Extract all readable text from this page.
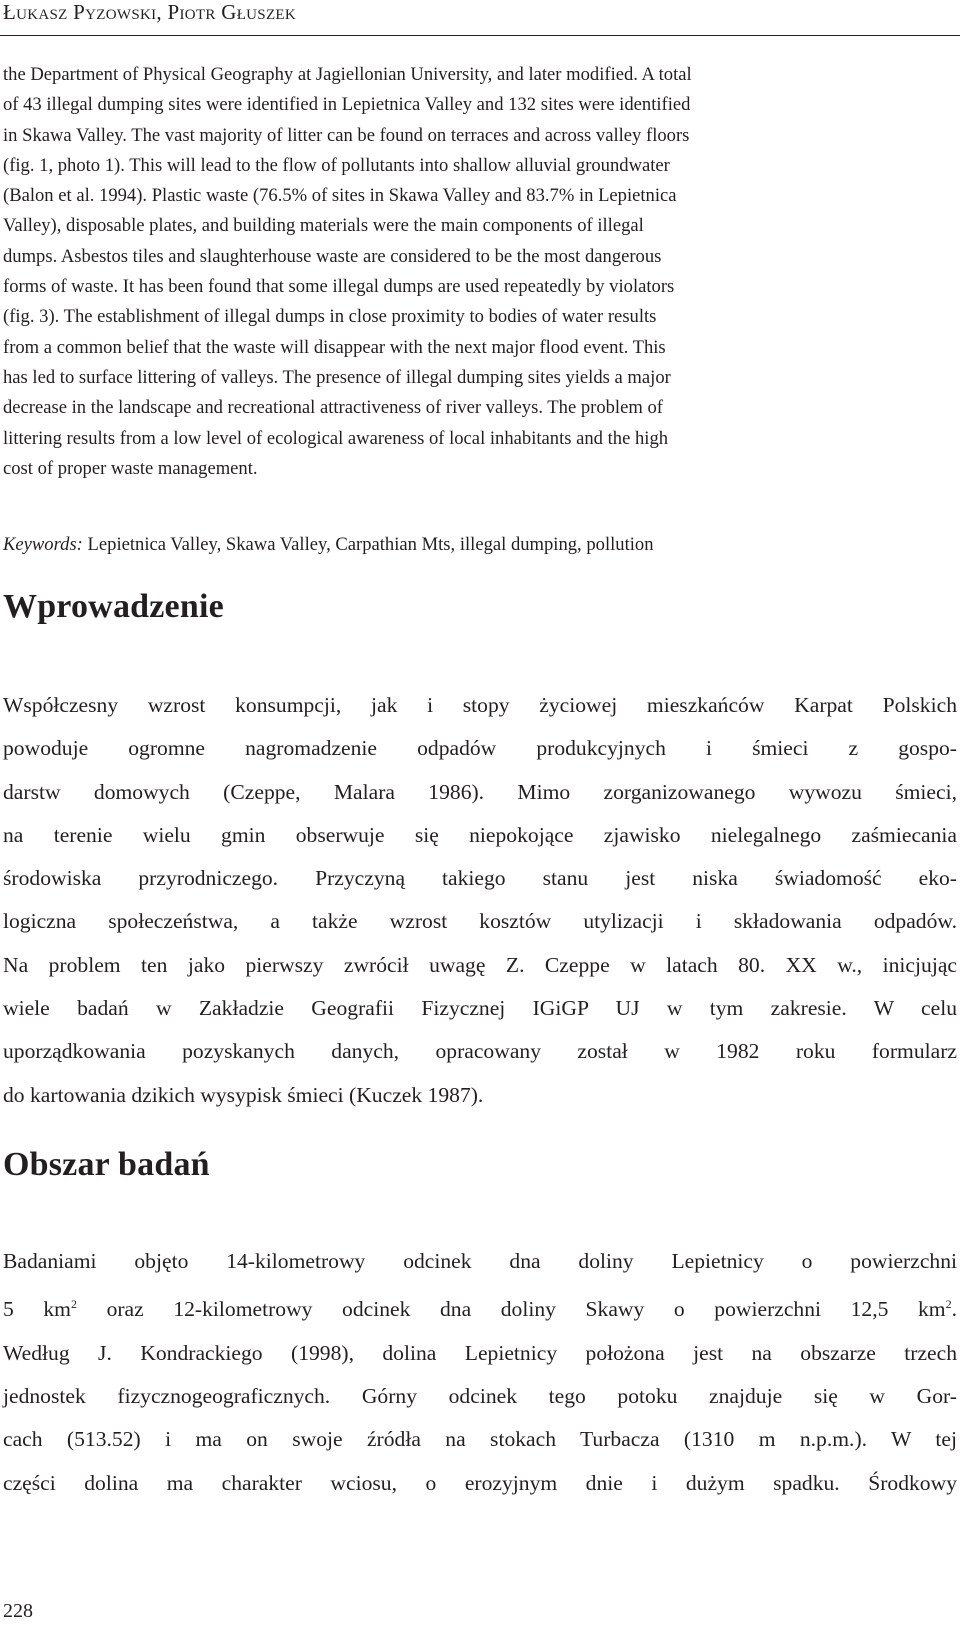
Łukasz Pyzowski, Piotr Głuszek
the Department of Physical Geography at Jagiellonian University, and later modified. A total
of 43 illegal dumping sites were identified in Lepietnica Valley and 132 sites were identified
in Skawa Valley. The vast majority of litter can be found on terraces and across valley floors
(fig. 1, photo 1). This will lead to the flow of pollutants into shallow alluvial groundwater
(Balon et al. 1994). Plastic waste (76.5% of sites in Skawa Valley and 83.7% in Lepietnica
Valley), disposable plates, and building materials were the main components of illegal
dumps. Asbestos tiles and slaughterhouse waste are considered to be the most dangerous
forms of waste. It has been found that some illegal dumps are used repeatedly by violators
(fig. 3). The establishment of illegal dumps in close proximity to bodies of water results
from a common belief that the waste will disappear with the next major flood event. This
has led to surface littering of valleys. The presence of illegal dumping sites yields a major
decrease in the landscape and recreational attractiveness of river valleys. The problem of
littering results from a low level of ecological awareness of local inhabitants and the high
cost of proper waste management.
Keywords: Lepietnica Valley, Skawa Valley, Carpathian Mts, illegal dumping, pollution
Wprowadzenie
Współczesny wzrost konsumpcji, jak i stopy życiowej mieszkańców Karpat Polskich
powoduje ogromne nagromadzenie odpadów produkcyjnych i śmieci z gospo-
darstw domowych (Czeppe, Malara 1986). Mimo zorganizowanego wywozu śmieci,
na terenie wielu gmin obserwuje się niepokojące zjawisko nielegalnego zaśmiecania
środowiska przyrodniczego. Przyczyną takiego stanu jest niska świadomość eko-
logiczna społeczeństwa, a także wzrost kosztów utylizacji i składowania odpadów.
Na problem ten jako pierwszy zwrócił uwagę Z. Czeppe w latach 80. XX w., inicjując
wiele badań w Zakładzie Geografii Fizycznej IGiGP UJ w tym zakresie. W celu
uporządkowania pozyskanych danych, opracowany został w 1982 roku formularz
do kartowania dzikich wysypisk śmieci (Kuczek 1987).
Obszar badań
Badaniami objęto 14-kilometrowy odcinek dna doliny Lepietnicy o powierzchni
5 $km^2$ oraz 12-kilometrowy odcinek dna doliny Skawy o powierzchni 12,5 $km^2$.
Według J. Kondrackiego (1998), dolina Lepietnicy położona jest na obszarze trzech
jednostek fizycznogeograficznych. Górny odcinek tego potoku znajduje się w Gor-
cach (513.52) i ma on swoje źródła na stokach Turbacza (1310 m n.p.m.). W tej
części dolina ma charakter wciosu, o erozyjnym dnie i dużym spadku. Środkowy
228
